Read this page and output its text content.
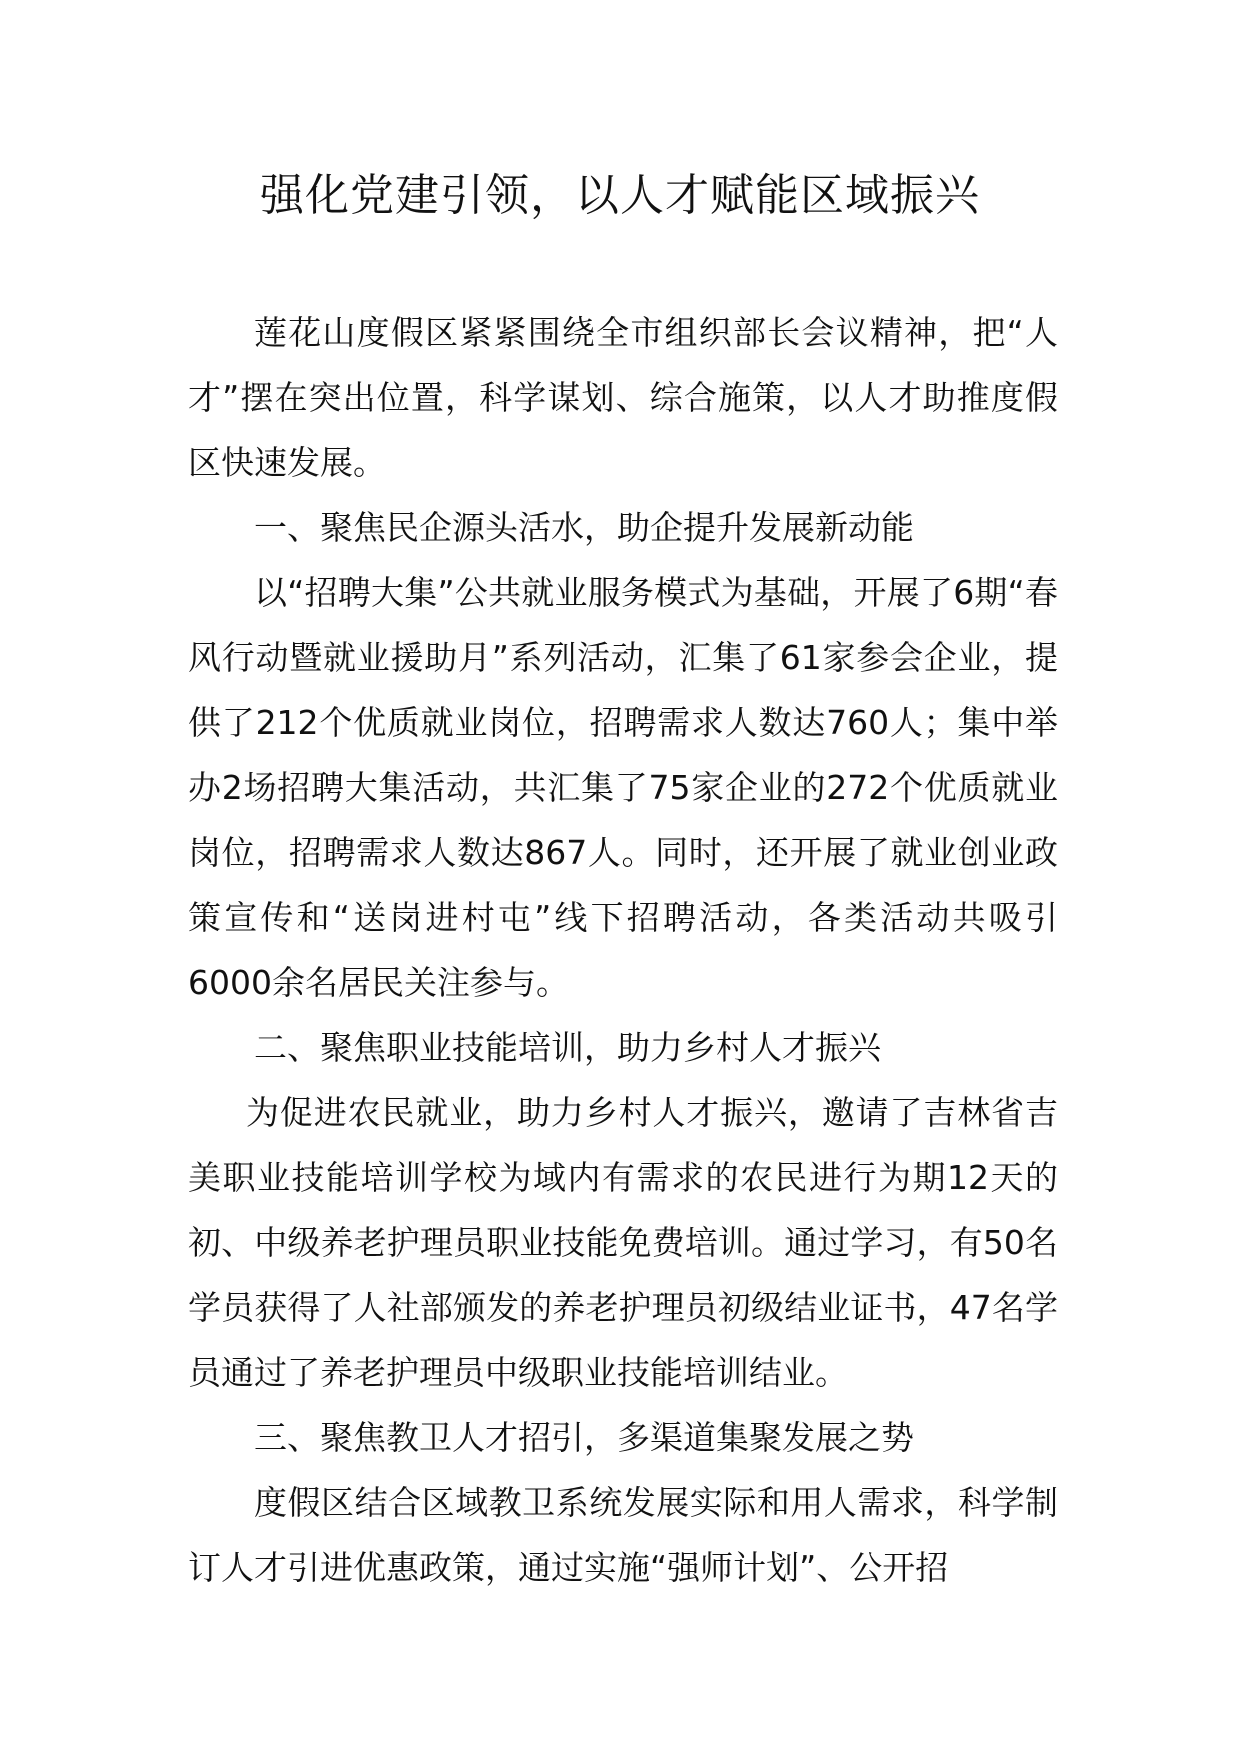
强化党建引领，以人才赋能区域振兴

莲花山度假区紧紧围绕全市组织部长会议精神，把“人才”摆在突出位置，科学谋划、综合施策，以人才助推度假区快速发展。

一、聚焦民企源头活水，助企提升发展新动能

以“招聘大集”公共就业服务模式为基础，开展了6期“春风行动暨就业援助月”系列活动，汇集了61家参会企业，提供了212个优质就业岗位，招聘需求人数达760人；集中举办2场招聘大集活动，共汇集了75家企业的272个优质就业岗位，招聘需求人数达867人。同时，还开展了就业创业政策宣传和“送岗进村屯”线下招聘活动，各类活动共吸引6000余名居民关注参与。

二、聚焦职业技能培训，助力乡村人才振兴

为促进农民就业，助力乡村人才振兴，邀请了吉林省吉美职业技能培训学校为域内有需求的农民进行为期12天的初、中级养老护理员职业技能免费培训。通过学习，有50名学员获得了人社部颁发的养老护理员初级结业证书，47名学员通过了养老护理员中级职业技能培训结业。

三、聚焦教卫人才招引，多渠道集聚发展之势

度假区结合区域教卫系统发展实际和用人需求，科学制订人才引进优惠政策，通过实施“强师计划”、公开招
